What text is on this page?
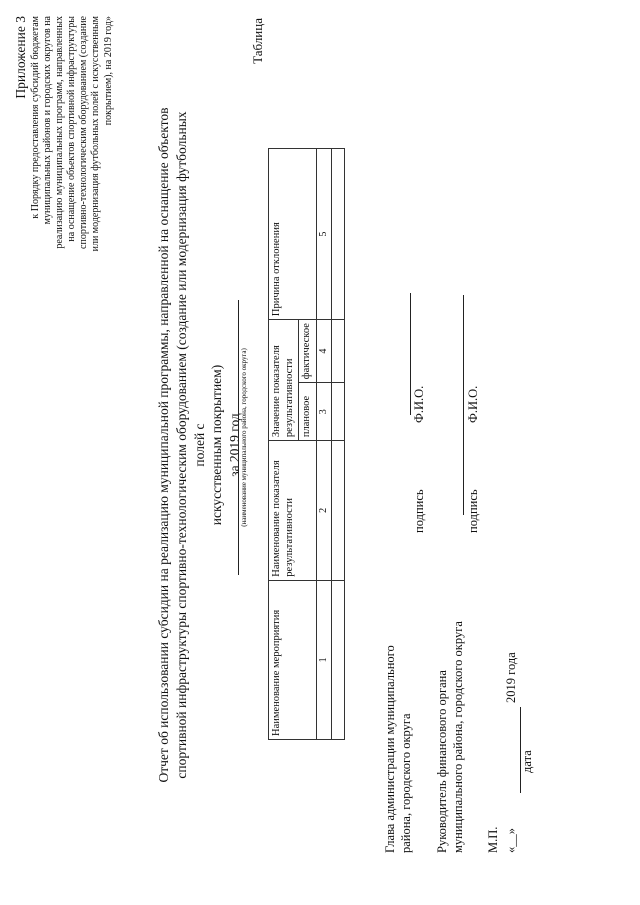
Приложение 3 к Порядку предоставления субсидий бюджетам муниципальных районов и городских округов на реализацию муниципальных программ, направленных на оснащение объектов спортивной инфраструктуры спортивно-технологическим оборудованием (создание или модернизация футбольных полей с искусственным покрытием), на 2019 год»
Отчет об использовании субсидии на реализацию муниципальной программы, направленной на оснащение объектов спортивной инфраструктуры спортивно-технологическим оборудованием (создание или модернизация футбольных полей с искусственным покрытием) за 2019 год
(наименование муниципального района, городского округа)
Таблица
Наименование мероприятия	Наименование показателя результативности	Значение показателя результативности		Причина отклонения
		плановое	фактическое	
1	2	3	4	5

Глава администрации муниципального района, городского округа
подпись
Ф.И.О.
Руководитель финансового органа муниципального района, городского округа
подпись
Ф.И.О.
М.П. «__»
2019 года
дата
